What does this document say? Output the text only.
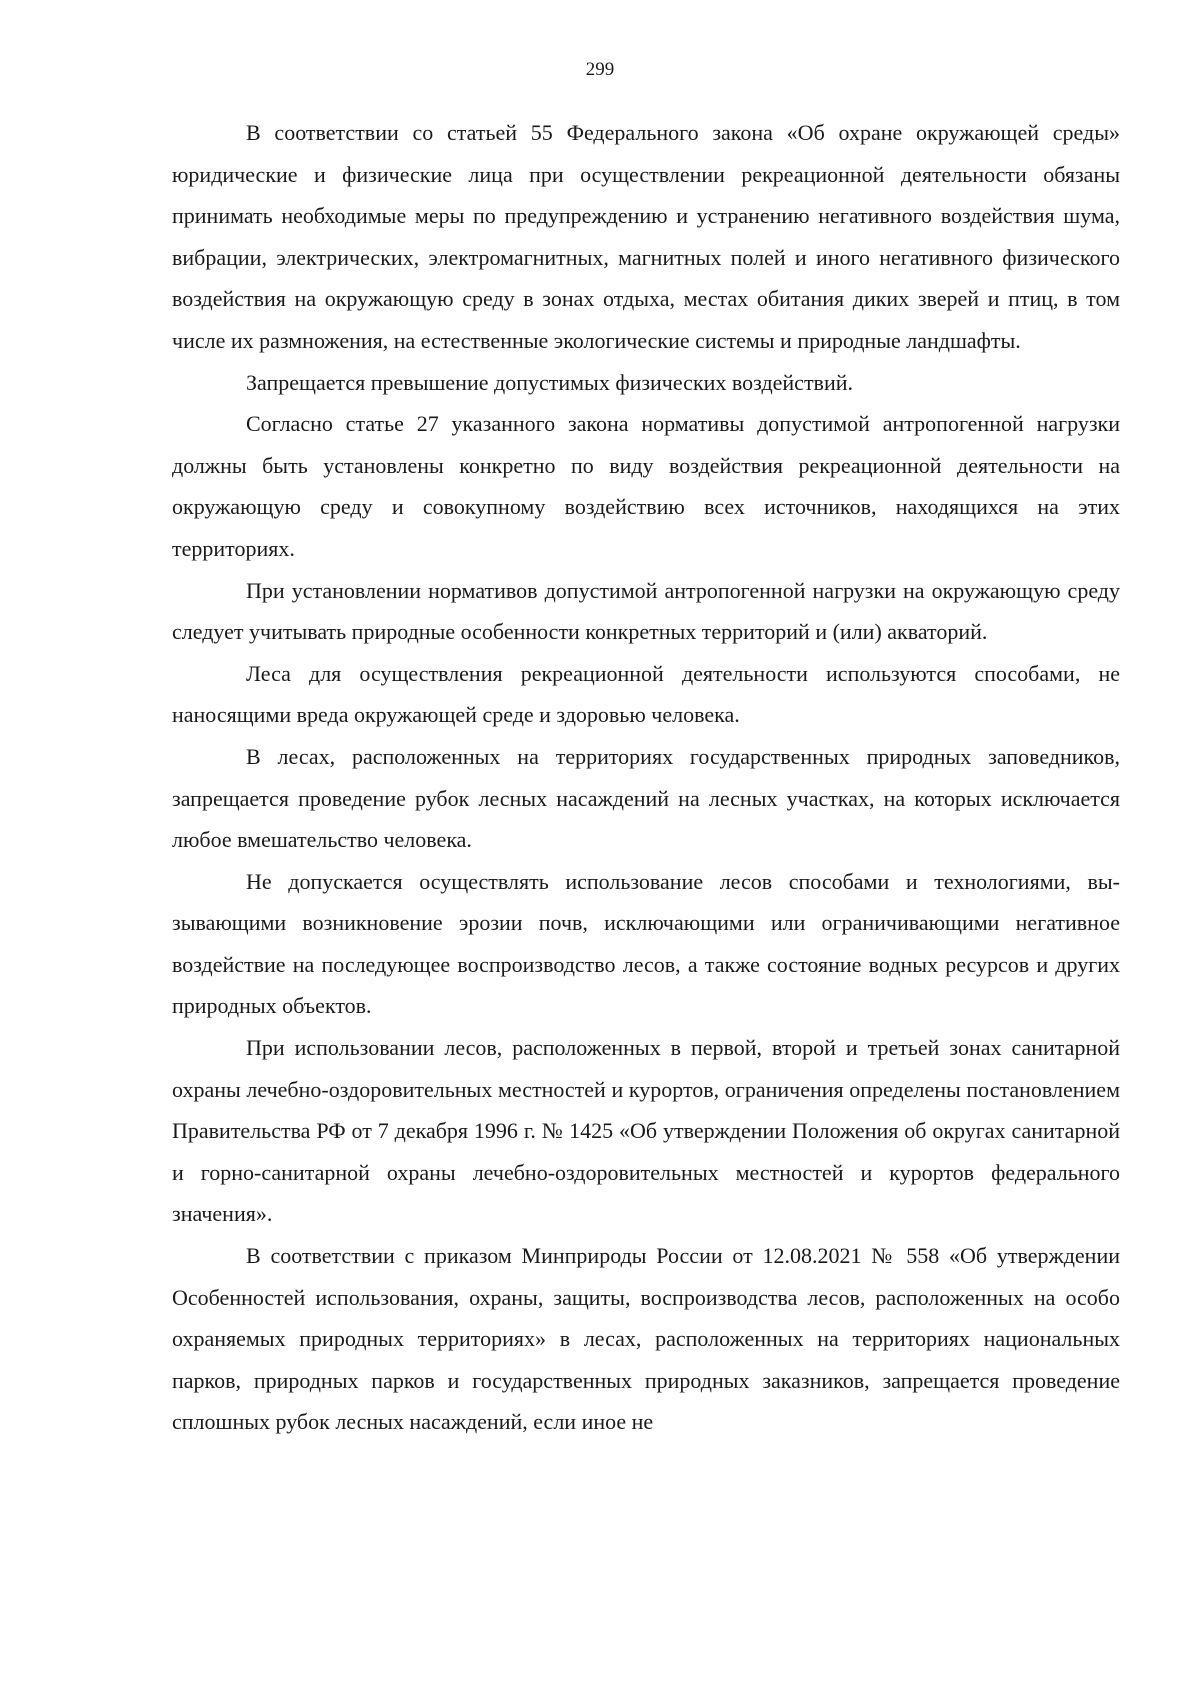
299

В соответствии со статьей 55 Федерального закона «Об охране окружающей среды» юридические и физические лица при осуществлении рекреационной деятельности обязаны принимать необходимые меры по предупреждению и устранению негативного воздействия шума, вибрации, электрических, электромагнитных, магнитных полей и иного негативного физического воздействия на окружающую среду в зонах отдыха, местах обитания диких зверей и птиц, в том числе их размножения, на естественные экологические системы и природные ландшафты.

Запрещается превышение допустимых физических воздействий.

Согласно статье 27 указанного закона нормативы допустимой антропогенной нагрузки должны быть установлены конкретно по виду воздействия рекреационной деятельности на окружающую среду и совокупному воздействию всех источников, находящихся на этих территориях.

При установлении нормативов допустимой антропогенной нагрузки на окружающую среду следует учитывать природные особенности конкретных территорий и (или) акваторий.

Леса для осуществления рекреационной деятельности используются способами, не наносящими вреда окружающей среде и здоровью человека.

В лесах, расположенных на территориях государственных природных заповедников, запрещается проведение рубок лесных насаждений на лесных участках, на которых исключается любое вмешательство человека.

Не допускается осуществлять использование лесов способами и технологиями, вызывающими возникновение эрозии почв, исключающими или ограничивающими негативное воздействие на последующее воспроизводство лесов, а также состояние водных ресурсов и других природных объектов.

При использовании лесов, расположенных в первой, второй и третьей зонах санитарной охраны лечебно-оздоровительных местностей и курортов, ограничения определены постановлением Правительства РФ от 7 декабря 1996 г. № 1425 «Об утверждении Положения об округах санитарной и горно-санитарной охраны лечебно-оздоровительных местностей и курортов федерального значения».

В соответствии с приказом Минприроды России от 12.08.2021 № 558 «Об утверждении Особенностей использования, охраны, защиты, воспроизводства лесов, расположенных на особо охраняемых природных территориях» в лесах, расположенных на территориях национальных парков, природных парков и государственных природных заказников, запрещается проведение сплошных рубок лесных насаждений, если иное не
